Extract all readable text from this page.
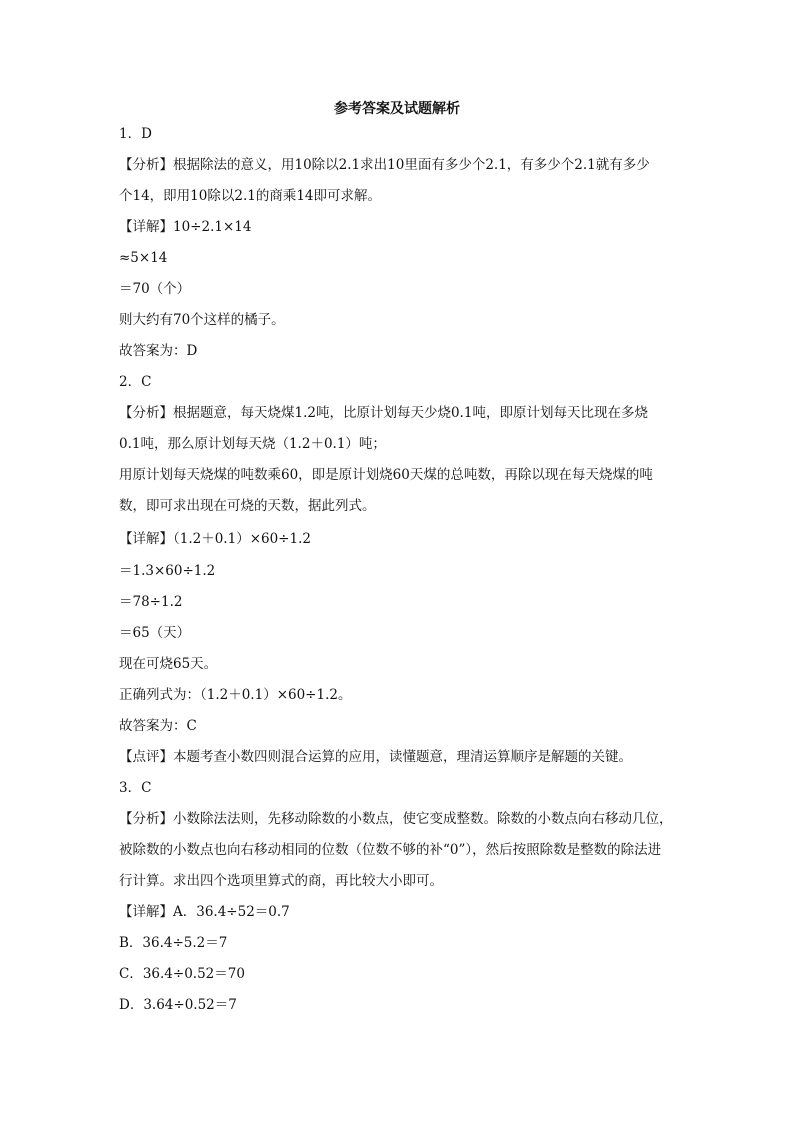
参考答案及试题解析
1．D
【分析】根据除法的意义，用10除以2.1求出10里面有多少个2.1，有多少个2.1就有多少
个14，即用10除以2.1的商乘14即可求解。
【详解】10÷2.1×14
≈5×14
＝70（个）
则大约有70个这样的橘子。
故答案为：D
2．C
【分析】根据题意，每天烧煤1.2吨，比原计划每天少烧0.1吨，即原计划每天比现在多烧
0.1吨，那么原计划每天烧（1.2＋0.1）吨；
用原计划每天烧煤的吨数乘60，即是原计划烧60天煤的总吨数，再除以现在每天烧煤的吨
数，即可求出现在可烧的天数，据此列式。
【详解】（1.2＋0.1）×60÷1.2
＝1.3×60÷1.2
＝78÷1.2
＝65（天）
现在可烧65天。
正确列式为：（1.2＋0.1）×60÷1.2。
故答案为：C
【点评】本题考查小数四则混合运算的应用，读懂题意，理清运算顺序是解题的关键。
3．C
【分析】小数除法法则，先移动除数的小数点，使它变成整数。除数的小数点向右移动几位，
被除数的小数点也向右移动相同的位数（位数不够的补“0”），然后按照除数是整数的除法进
行计算。求出四个选项里算式的商，再比较大小即可。
【详解】A．36.4÷52＝0.7
B．36.4÷5.2＝7
C．36.4÷0.52＝70
D．3.64÷0.52＝7
